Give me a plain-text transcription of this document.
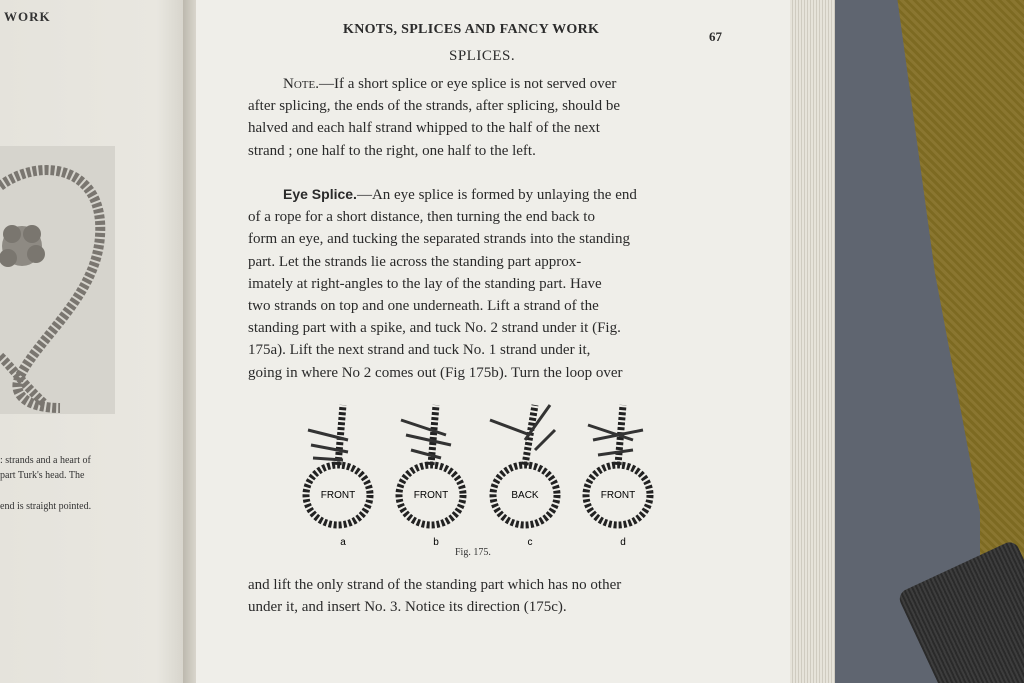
WORK
: strands and a heart of
part Turk's head. The
end is straight pointed.
KNOTS, SPLICES AND FANCY WORK	67
SPLICES.
Note.—If a short splice or eye splice is not served over
after splicing, the ends of the strands, after splicing, should be
halved and each half strand whipped to the half of the next
strand ; one half to the right, one half to the left.
Eye Splice.—An eye splice is formed by unlaying the end
of a rope for a short distance, then turning the end back to
form an eye, and tucking the separated strands into the standing
part. Let the strands lie across the standing part approx-
imately at right-angles to the lay of the standing part. Have
two strands on top and one underneath. Lift a strand of the
standing part with a spike, and tuck No. 2 strand under it (Fig.
175a). Lift the next strand and tuck No. 1 strand under it,
going in where No 2 comes out (Fig 175b). Turn the loop over
FRONT
a
FRONT
b
BACK
c
FRONT
d
Fig. 175.
and lift the only strand of the standing part which has no other
under it, and insert No. 3. Notice its direction (175c).
